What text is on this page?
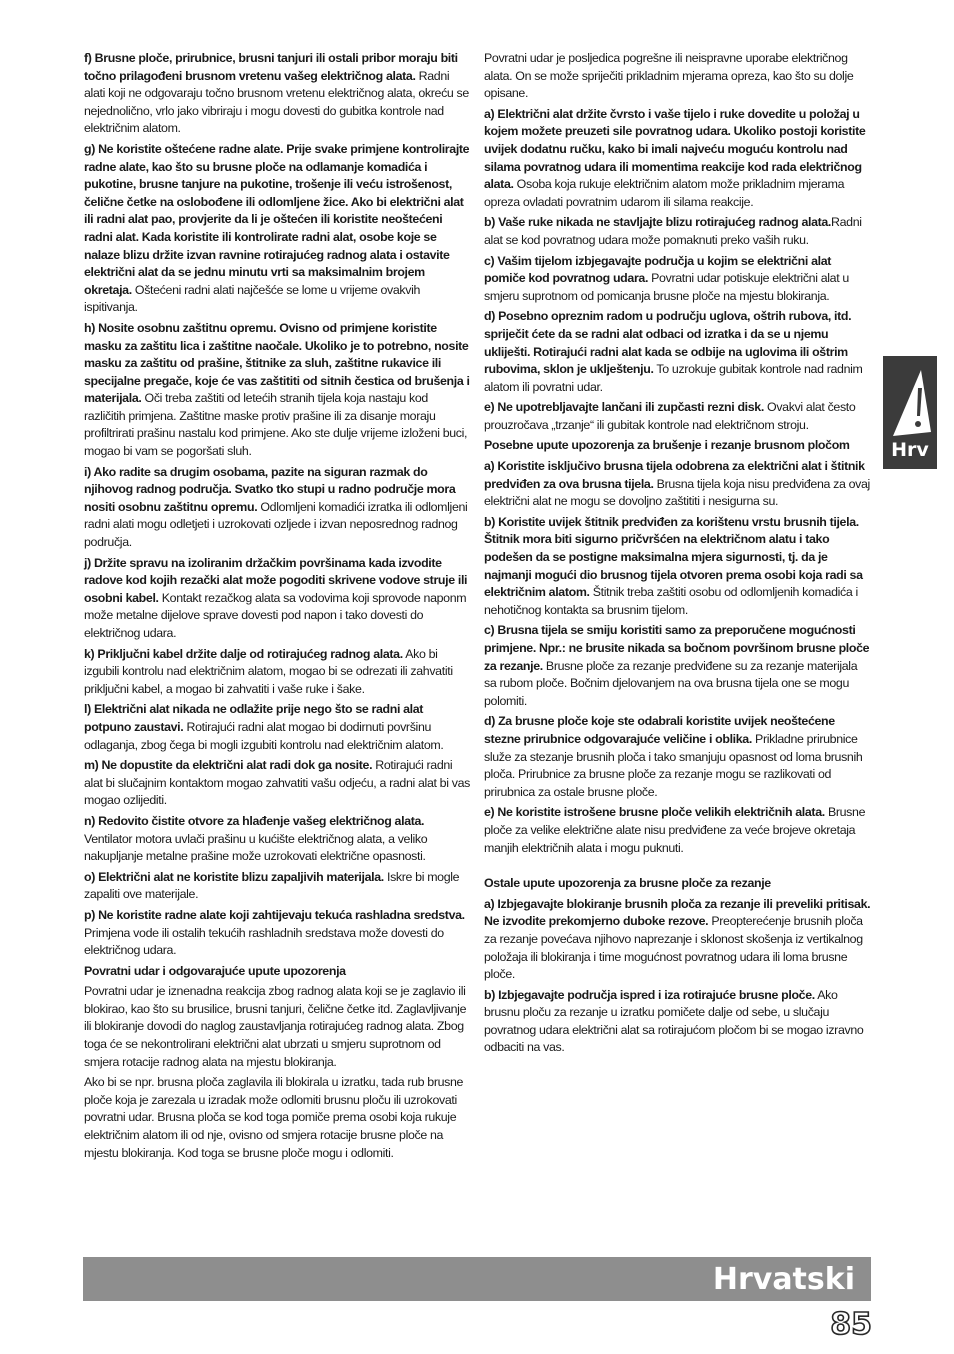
f) Brusne ploče, prirubnice, brusni tanjuri ili ostali pribor moraju biti točno prilagođeni brusnom vretenu vašeg električnog alata. Radni alati koji ne odgovaraju točno brusnom vretenu električnog alata, okreću se nejednolično, vrlo jako vibriraju i mogu dovesti do gubitka kontrole nad električnim alatom.

g) Ne koristite oštećene radne alate. Prije svake primjene kontrolirajte radne alate, kao što su brusne ploče na odlamanje komadića i pukotine, brusne tanjure na pukotine, trošenje ili veću istrošenost, čelične četke na oslobođene ili odlomljene žice. Ako bi električni alat ili radni alat pao, provjerite da li je oštećen ili koristite neoštećeni radni alat. Kada koristite ili kontrolirate radni alat, osobe koje se nalaze blizu držite izvan ravnine rotirajućeg radnog alata i ostavite električni alat da se jednu minutu vrti sa maksimalnim brojem okretaja. Oštećeni radni alati najčešće se lome u vrijeme ovakvih ispitivanja.

h) Nosite osobnu zaštitnu opremu. Ovisno od primjene koristite masku za zaštitu lica i zaštitne naočale. Ukoliko je to potrebno, nosite masku za zaštitu od prašine, štitnike za sluh, zaštitne rukavice ili specijalne pregače, koje će vas zaštititi od sitnih čestica od brušenja i materijala. Oči treba zaštiti od letećih stranih tijela koja nastaju kod različitih primjena. Zaštitne maske protiv prašine ili za disanje moraju profiltrirati prašinu nastalu kod primjene. Ako ste dulje vrijeme izloženi buci, mogao bi vam se pogoršati sluh.

i) Ako radite sa drugim osobama, pazite na siguran razmak do njihovog radnog područja. Svatko tko stupi u radno područje mora nositi osobnu zaštitnu opremu. Odlomljeni komadići izratka ili odlomljeni radni alati mogu odletjeti i uzrokovati ozljede i izvan neposrednog radnog područja.

j) Držite spravu na izoliranim držačkim površinama kada izvodite radove kod kojih rezački alat može pogoditi skrivene vodove struje ili osobni kabel. Kontakt rezačkog alata sa vodovima koji sprovode naponm može metalne dijelove sprave dovesti pod napon i tako dovesti do električnog udara.

k) Priključni kabel držite dalje od rotirajućeg radnog alata. Ako bi izgubili kontrolu nad električnim alatom, mogao bi se odrezati ili zahvatiti priključni kabel, a mogao bi zahvatiti i vaše ruke i šake.

l) Električni alat nikada ne odlažite prije nego što se radni alat potpuno zaustavi. Rotirajući radni alat mogao bi dodirnuti površinu odlaganja, zbog čega bi mogli izgubiti kontrolu nad električnim alatom.

m) Ne dopustite da električni alat radi dok ga nosite. Rotirajući radni alat bi slučajnim kontaktom mogao zahvatiti vašu odjeću, a radni alat bi vas mogao ozlijediti.

n) Redovito čistite otvore za hlađenje vašeg električnog alata. Ventilator motora uvlači prašinu u kućište električnog alata, a veliko nakupljanje metalne prašine može uzrokovati električne opasnosti.

o) Električni alat ne koristite blizu zapaljivih materijala. Iskre bi mogle zapaliti ove materijale.

p) Ne koristite radne alate koji zahtijevaju tekuća rashladna sredstva. Primjena vode ili ostalih tekućih rashladnih sredstava može dovesti do električnog udara.

Povratni udar i odgovarajuće upute upozorenja

Povratni udar je iznenadna reakcija zbog radnog alata koji se je zaglavio ili blokirao, kao što su brusilice, brusni tanjuri, čelične četke itd. Zaglavljivanje ili blokiranje dovodi do naglog zaustavljanja rotirajućeg radnog alata. Zbog toga će se nekontrolirani električni alat ubrzati u smjeru suprotnom od smjera rotacije radnog alata na mjestu blokiranja.

Ako bi se npr. brusna ploča zaglavila ili blokirala u izratku, tada rub brusne ploče koja je zarezala u izradak može odlomiti brusnu ploču ili uzrokovati povratni udar. Brusna ploča se kod toga pomiče prema osobi koja rukuje električnim alatom ili od nje, ovisno od smjera rotacije brusne ploče na mjestu blokiranja. Kod toga se brusne ploče mogu i odlomiti.

Povratni udar je posljedica pogrešne ili neispravne uporabe električnog alata. On se može spriječiti prikladnim mjerama opreza, kao što su dolje opisane.

a) Električni alat držite čvrsto i vaše tijelo i ruke dovedite u položaj u kojem možete preuzeti sile povratnog udara. Ukoliko postoji koristite uvijek dodatnu ručku, kako bi imali najveću moguću kontrolu nad silama povratnog udara ili momentima reakcije kod rada električnog alata. Osoba koja rukuje električnim alatom može prikladnim mjerama opreza ovladati povratnim udarom ili silama reakcije.

b) Vaše ruke nikada ne stavljajte blizu rotirajućeg radnog alata.Radni alat se kod povratnog udara može pomaknuti preko vaših ruku.

c) Vašim tijelom izbjegavajte područja u kojim se električni alat pomiče kod povratnog udara. Povratni udar potiskuje električni alat u smjeru suprotnom od pomicanja brusne ploče na mjestu blokiranja.

d) Posebno opreznim radom u području uglova, oštrih rubova, itd. spriječit ćete da se radni alat odbaci od izratka i da se u njemu ukliješti. Rotirajući radni alat kada se odbije na uglovima ili oštrim rubovima, sklon je uklještenju. To uzrokuje gubitak kontrole nad radnim alatom ili povratni udar.

e) Ne upotrebljavajte lančani ili zupčasti rezni disk. Ovakvi alat često prouzročava „trzanje“ ili gubitak kontrole nad električnom stroju.

Posebne upute upozorenja za brušenje i rezanje brusnom pločom

a) Koristite isključivo brusna tijela odobrena za električni alat i štitnik predviđen za ova brusna tijela. Brusna tijela koja nisu predviđena za ovaj električni alat ne mogu se dovoljno zaštititi i nesigurna su.

b) Koristite uvijek štitnik predviđen za korištenu vrstu brusnih tijela. Štitnik mora biti sigurno pričvršćen na električnom alatu i tako podešen da se postigne maksimalna mjera sigurnosti, tj. da je najmanji mogući dio brusnog tijela otvoren prema osobi koja radi sa električnim alatom. Štitnik treba zaštiti osobu od odlomljenih komadića i nehotičnog kontakta sa brusnim tijelom.

c) Brusna tijela se smiju koristiti samo za preporučene mogućnosti primjene. Npr.: ne brusite nikada sa bočnom površinom brusne ploče za rezanje. Brusne ploče za rezanje predviđene su za rezanje materijala sa rubom ploče. Bočnim djelovanjem na ova brusna tijela one se mogu polomiti.

d) Za brusne ploče koje ste odabrali koristite uvijek neoštećene stezne prirubnice odgovarajuće veličine i oblika. Prikladne prirubnice služe za stezanje brusnih ploča i tako smanjuju opasnost od loma brusnih ploča. Prirubnice za brusne ploče za rezanje mogu se razlikovati od prirubnica za ostale brusne ploče.

e) Ne koristite istrošene brusne ploče velikih električnih alata. Brusne ploče za velike električne alate nisu predviđene za veće brojeve okretaja manjih električnih alata i mogu puknuti.

Ostale upute upozorenja za brusne ploče za rezanje

a) Izbjegavajte blokiranje brusnih ploča za rezanje ili preveliki pritisak. Ne izvodite prekomjerno duboke rezove. Preopterećenje brusnih ploča za rezanje povećava njihovo naprezanje i sklonost skošenja iz vertikalnog položaja ili blokiranja i time mogućnost povratnog udara ili loma brusne ploče.

b) Izbjegavajte područja ispred i iza rotirajuće brusne ploče. Ako brusnu ploču za rezanje u izratku pomičete dalje od sebe, u slučaju povratnog udara električni alat sa rotirajućom pločom bi se mogao izravno odbaciti na vas.

Hrv
Hrvatski
85
